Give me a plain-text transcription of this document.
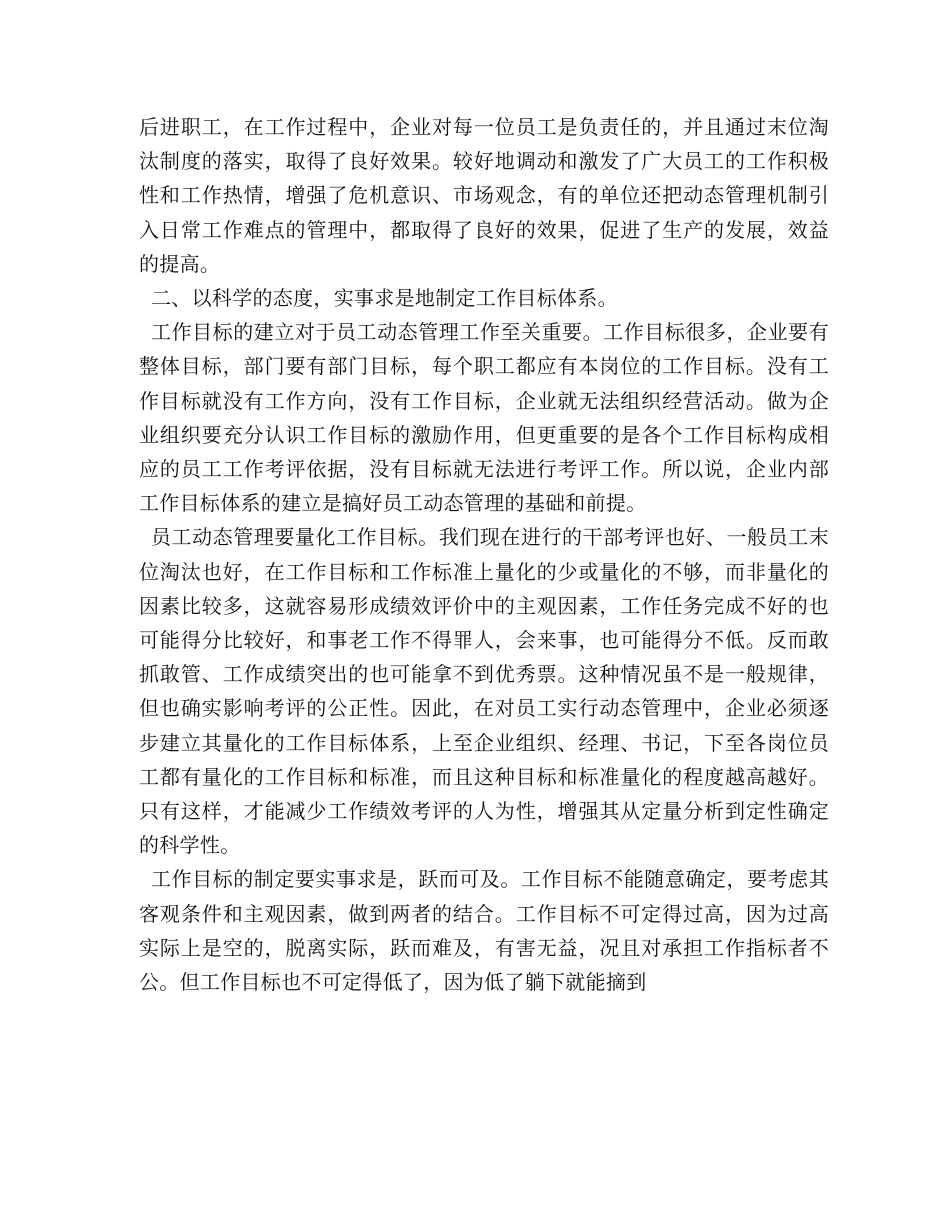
后进职工，在工作过程中，企业对每一位员工是负责任的，并且通过末位淘汰制度的落实，取得了良好效果。较好地调动和激发了广大员工的工作积极性和工作热情，增强了危机意识、市场观念，有的单位还把动态管理机制引入日常工作难点的管理中，都取得了良好的效果，促进了生产的发展，效益的提高。

二、以科学的态度，实事求是地制定工作目标体系。

工作目标的建立对于员工动态管理工作至关重要。工作目标很多，企业要有整体目标，部门要有部门目标，每个职工都应有本岗位的工作目标。没有工作目标就没有工作方向，没有工作目标，企业就无法组织经营活动。做为企业组织要充分认识工作目标的激励作用，但更重要的是各个工作目标构成相应的员工工作考评依据，没有目标就无法进行考评工作。所以说，企业内部工作目标体系的建立是搞好员工动态管理的基础和前提。

员工动态管理要量化工作目标。我们现在进行的干部考评也好、一般员工末位淘汰也好，在工作目标和工作标准上量化的少或量化的不够，而非量化的因素比较多，这就容易形成绩效评价中的主观因素，工作任务完成不好的也可能得分比较好，和事老工作不得罪人，会来事，也可能得分不低。反而敢抓敢管、工作成绩突出的也可能拿不到优秀票。这种情况虽不是一般规律，但也确实影响考评的公正性。因此，在对员工实行动态管理中，企业必须逐步建立其量化的工作目标体系，上至企业组织、经理、书记，下至各岗位员工都有量化的工作目标和标准，而且这种目标和标准量化的程度越高越好。只有这样，才能减少工作绩效考评的人为性，增强其从定量分析到定性确定的科学性。

工作目标的制定要实事求是，跃而可及。工作目标不能随意确定，要考虑其客观条件和主观因素，做到两者的结合。工作目标不可定得过高，因为过高实际上是空的，脱离实际，跃而难及，有害无益，况且对承担工作指标者不公。但工作目标也不可定得低了，因为低了躺下就能摘到
